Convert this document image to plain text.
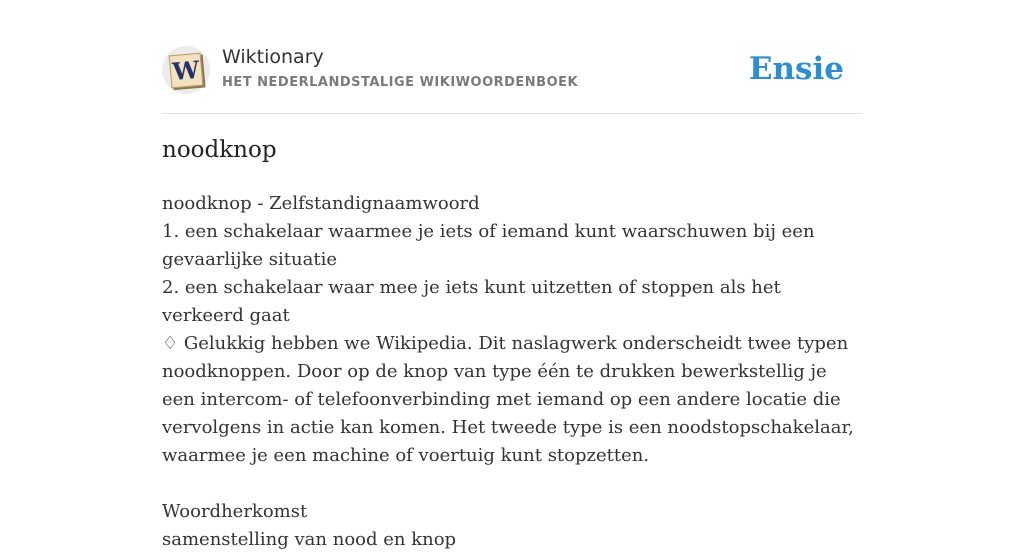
W Wiktionary
HET NEDERLANDSTALIGE WIKIWOORDENBOEK	Ensie
noodknop

noodknop - Zelfstandignaamwoord

1. een schakelaar waarmee je iets of iemand kunt waarschuwen bij een gevaarlijke situatie

2. een schakelaar waar mee je iets kunt uitzetten of stoppen als het verkeerd gaat

♢ Gelukkig hebben we Wikipedia. Dit naslagwerk onderscheidt twee typen noodknoppen. Door op de knop van type één te drukken bewerkstellig je een intercom- of telefoonverbinding met iemand op een andere locatie die vervolgens in actie kan komen. Het tweede type is een noodstopschakelaar, waarmee je een machine of voertuig kunt stopzetten.

Woordherkomst

samenstelling van nood en knop
